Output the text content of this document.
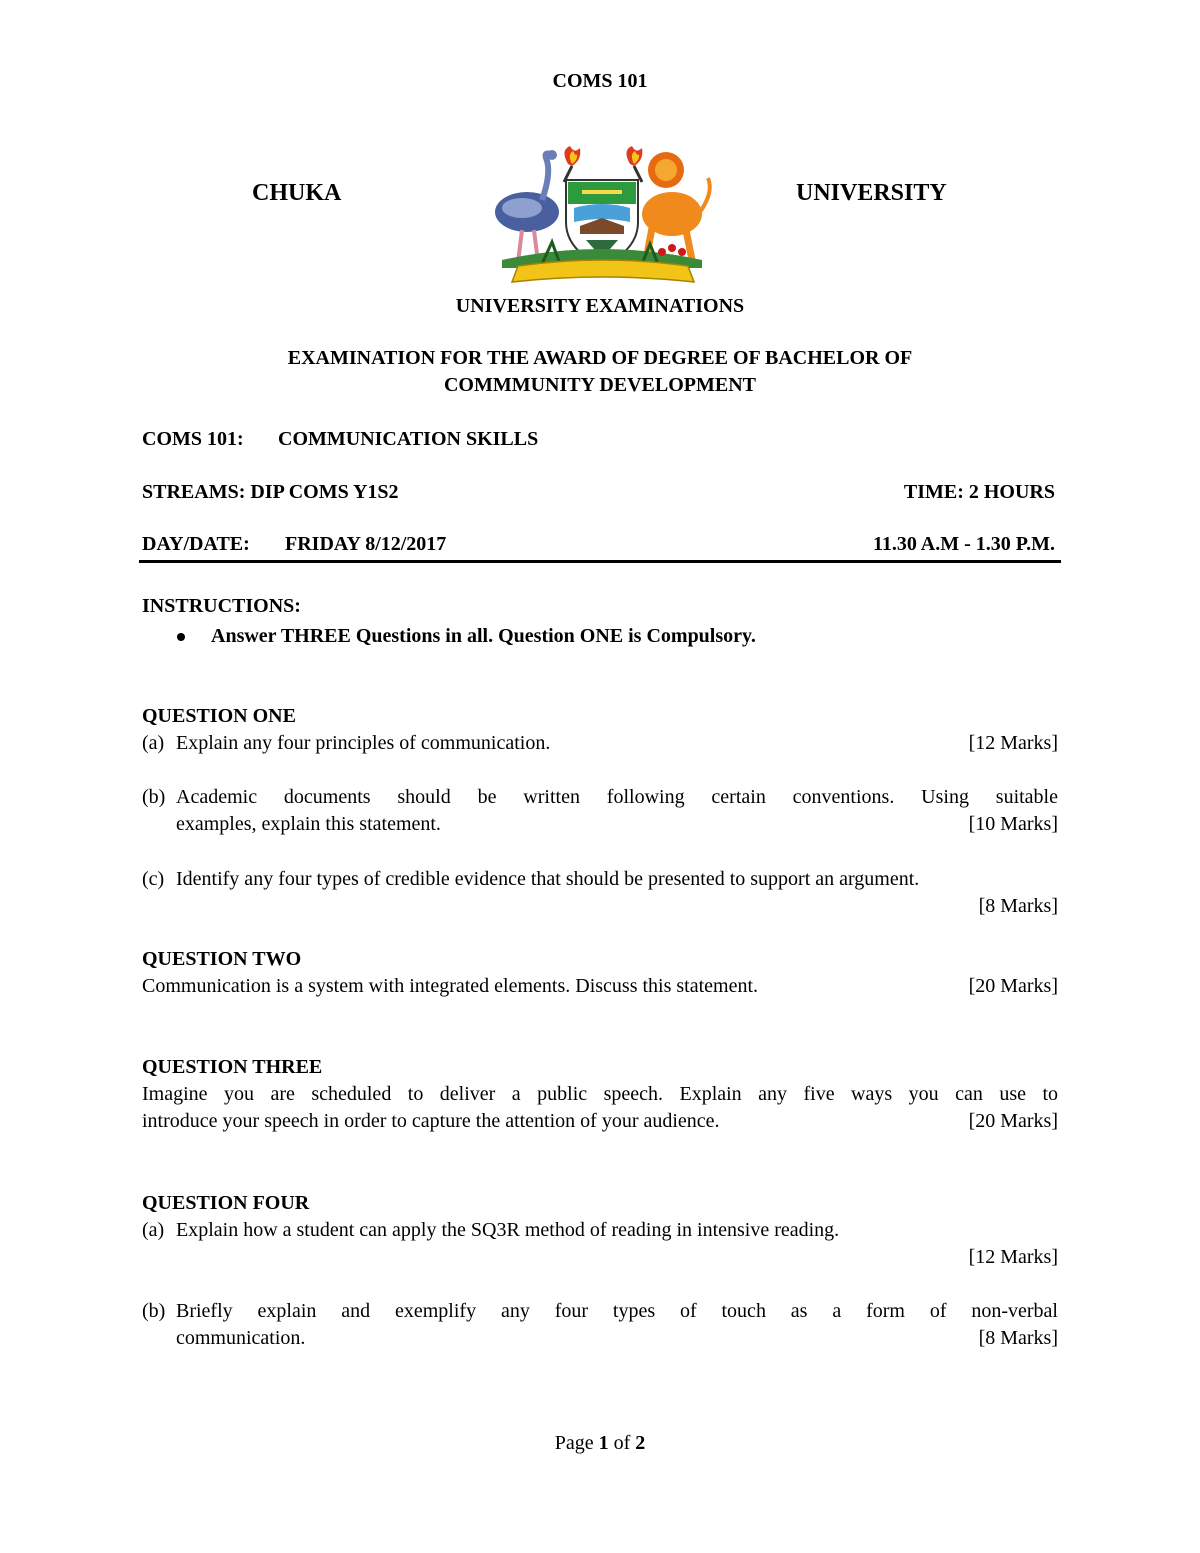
COMS 101
CHUKA	UNIVERSITY
UNIVERSITY EXAMINATIONS
EXAMINATION FOR THE AWARD OF DEGREE OF BACHELOR OF
COMMMUNITY DEVELOPMENT
COMS 101: COMMUNICATION SKILLS
STREAMS: DIP COMS Y1S2	TIME: 2 HOURS
DAY/DATE: FRIDAY 8/12/2017	11.30 A.M - 1.30 P.M.
INSTRUCTIONS:
Answer THREE Questions in all. Question ONE is Compulsory.
QUESTION ONE
(a) Explain any four principles of communication.	[12 Marks]
(b) Academic documents should be written following certain conventions. Using suitable
examples, explain this statement.	[10 Marks]
(c) Identify any four types of credible evidence that should be presented to support an argument.
[8 Marks]
QUESTION TWO
Communication is a system with integrated elements. Discuss this statement.	[20 Marks]
QUESTION THREE
Imagine you are scheduled to deliver a public speech. Explain any five ways you can use to
introduce your speech in order to capture the attention of your audience.	[20 Marks]
QUESTION FOUR
(a) Explain how a student can apply the SQ3R method of reading in intensive reading.
[12 Marks]
(b) Briefly explain and exemplify any four types of touch as a form of non-verbal
communication.	[8 Marks]
Page 1 of 2
